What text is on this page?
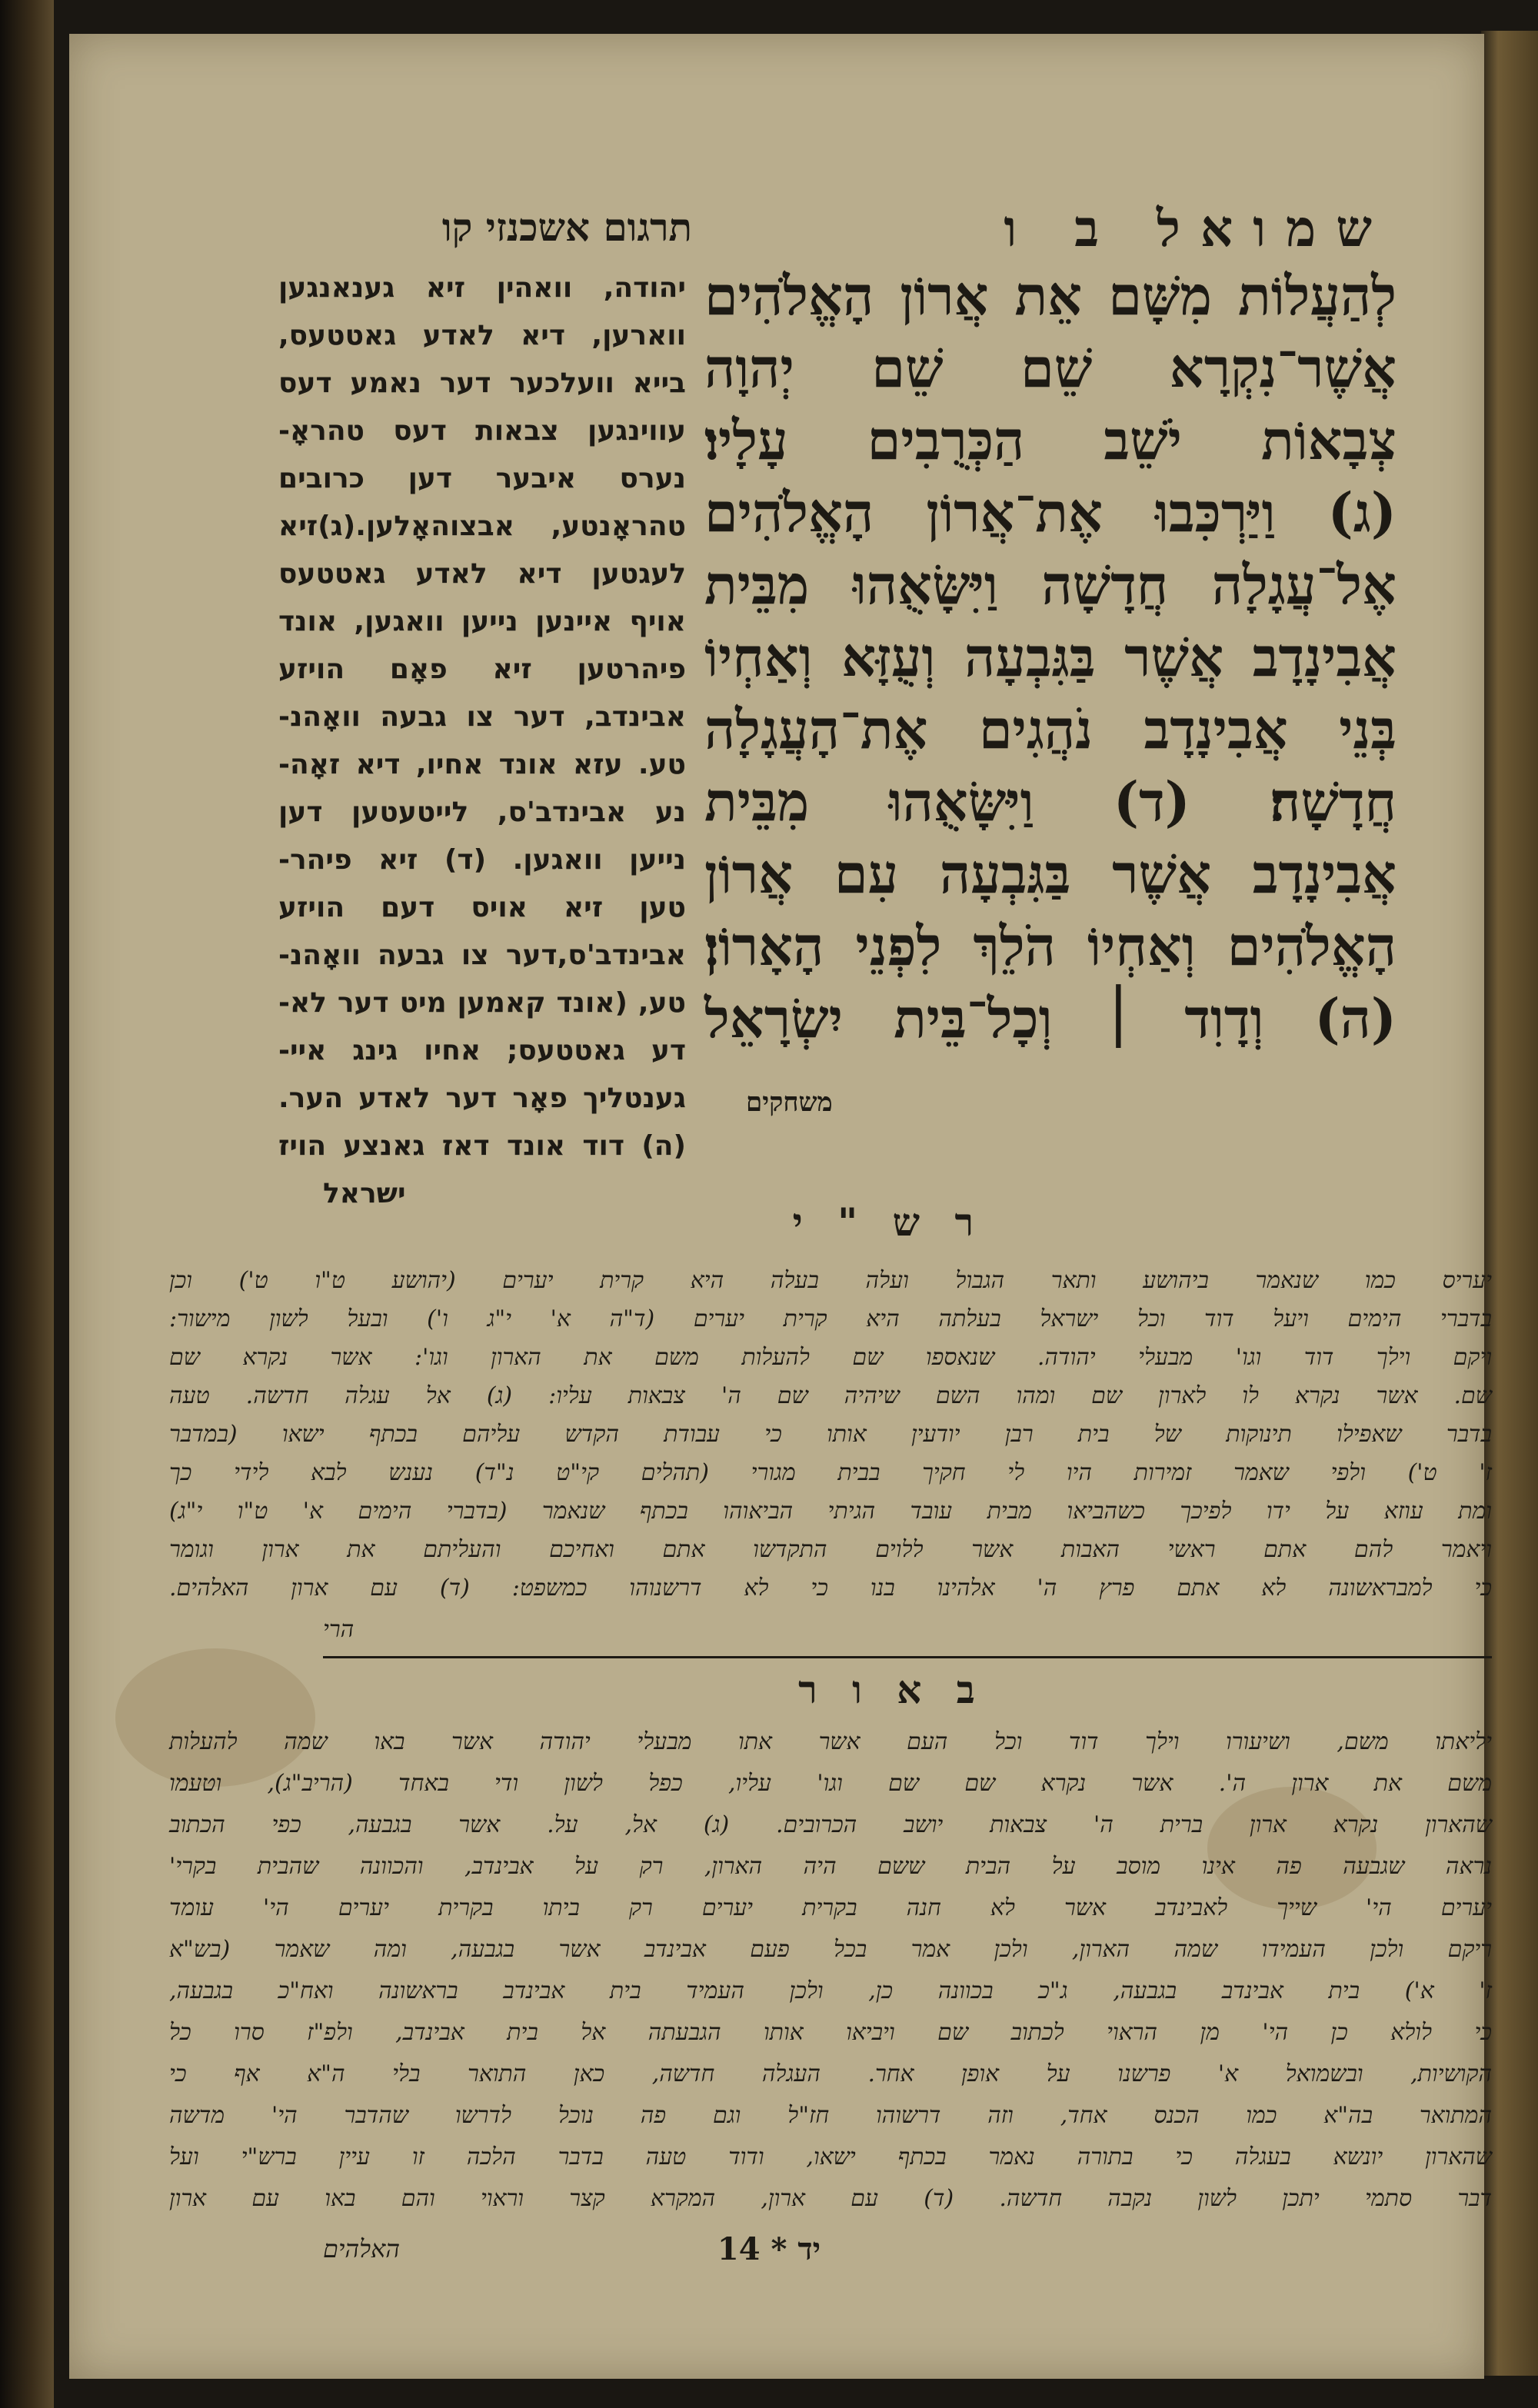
שמואל ב ו
תרגום אשכנזי קו
לְהַעֲלוֹת מִשָּׁם אֵת אֲרוֹן הָאֱלֹהִים
אֲשֶׁר־נִקְרָא שֵׁם שֵׁם יְהוָה
צְבָאוֹת יֹשֵׁב הַכְּרֻבִים עָלָיו׃
(ג) וַיַּרְכִּבוּ אֶת־אֲרוֹן הָאֱלֹהִים
אֶל־עֲגָלָה חֲדָשָׁה וַיִּשָּׂאֻהוּ מִבֵּית
אֲבִינָדָב אֲשֶׁר בַּגִּבְעָה וְעֻזָּא וְאַחְיוֹ
בְּנֵי אֲבִינָדָב נֹהֲגִים אֶת־הָעֲגָלָה
חֲדָשָׁה׃ (ד) וַיִּשָּׂאֻהוּ מִבֵּית
אֲבִינָדָב אֲשֶׁר בַּגִּבְעָה עִם אֲרוֹן
הָאֱלֹהִים וְאַחְיוֹ הֹלֵךְ לִפְנֵי הָאָרוֹן׃
(ה) וְדָוִד ׀ וְכָל־בֵּית יִשְׂרָאֵל
משחקים
יהודה, וואהין זיא גענאנגען
ווארען, דיא לאדע גאטטעס,
בייא וועלכער דער נאמע דעס
עווינגען צבאות דעס טהראָ-
נערס איבער דען כרובים
טהראָנטע, אבצוהאָלען.(ג)זיא
לעגטען דיא לאדע גאטטעס
אויף איינען נייען וואגען, אונד
פיהרטען זיא פאָם הויזע
אבינדב, דער צו גבעה וואָהנ-
טע. עזא אונד אחיו, דיא זאָה-
נע אבינדב'ס, לייטעטען דען
נייען וואגען. (ד) זיא פיהר-
טען זיא אויס דעם הויזע
אבינדב'ס,דער צו גבעה וואָהנ-
טע, (אונד קאמען מיט דער לא-
דע גאטטעס; אחיו גינג איי-
גענטליך פאָר דער לאדע הער.
(ה) דוד אונד דאז גאנצע הויז
ישראל
ר ש " י
יעריס כמו שנאמר ביהושע ותאר הגבול ועלה בעלה היא קרית יערים (יהושע ט"ו ט') וכן
בדברי הימים ויעל דוד וכל ישראל בעלתה היא קרית יערים (ד"ה א' י"ג ו') ובעל לשון מישור:
ויקם וילך דוד וגו' מבעלי יהודה. שנאספו שם להעלות משם את הארון וגו': אשר נקרא שם
שם. אשר נקרא לו לארון שם ומהו השם שיהיה שם ה' צבאות עליו: (ג) אל עגלה חדשה. טעה
בדבר שאפילו תינוקות של בית רבן יודעין אותו כי עבודת הקדש עליהם בכתף ישאו (במדבר
ז' ט') ולפי שאמר זמירות היו לי חקיך בבית מגורי (תהלים קי"ט נ"ד) נענש לבא לידי כך
ומת עוזא על ידו לפיכך כשהביאו מבית עובד הגיתי הביאוהו בכתף שנאמר (בדברי הימים א' ט"ו י"ג)
ויאמר להם אתם ראשי האבות אשר ללוים התקדשו אתם ואחיכם והעליתם את ארון וגומר
כי למבראשונה לא אתם פרץ ה' אלהינו בנו כי לא דרשנוהו כמשפט: (ד) עם ארון האלהים.
הרי
ב א ו ר
יליאתו משם, ושיעורו וילך דוד וכל העם אשר אתו מבעלי יהודה אשר באו שמה להעלות
משם את ארון ה'. אשר נקרא שם שם וגו' עליו, כפל לשון ודי באחד (הריב"ג), וטעמו
שהארון נקרא ארון ברית ה' צבאות יושב הכרובים. (ג) אל, על. אשר בגבעה, כפי הכתוב
נראה שגבעה פה אינו מוסב על הבית ששם היה הארון, רק על אבינדב, והכוונה שהבית בקרי'
יערים הי' שייך לאבינדב אשר לא חנה בקרית יערים רק ביתו בקרית יערים הי' עומד
ריקם ולכן העמידו שמה הארון, ולכן אמר בכל פעם אבינדב אשר בגבעה, ומה שאמר (בש"א
ז' א') בית אבינדב בגבעה, ג"כ בכוונה כן, ולכן העמיד בית אבינדב בראשונה ואח"כ בגבעה,
כי לולא כן הי' מן הראוי לכתוב שם ויביאו אותו הגבעתה אל בית אבינדב, ולפ"ז סרו כל
הקושיות, ובשמואל א' פרשנו על אופן אחר. העגלה חדשה, כאן התואר בלי ה"א אף כי
המתואר בה"א כמו הכנס אחד, וזה דרשוהו חז"ל וגם פה נוכל לדרשו שהדבר הי' מדשה
שהארון יונשא בעגלה כי בתורה נאמר בכתף ישאו, ודוד טעה בדבר הלכה זו עיין ברש"י ועל
דבר סתמי יתכן לשון נקבה חדשה. (ד) עם ארון, המקרא קצר וראוי והם באו עם ארון
יד * 14
האלהים
